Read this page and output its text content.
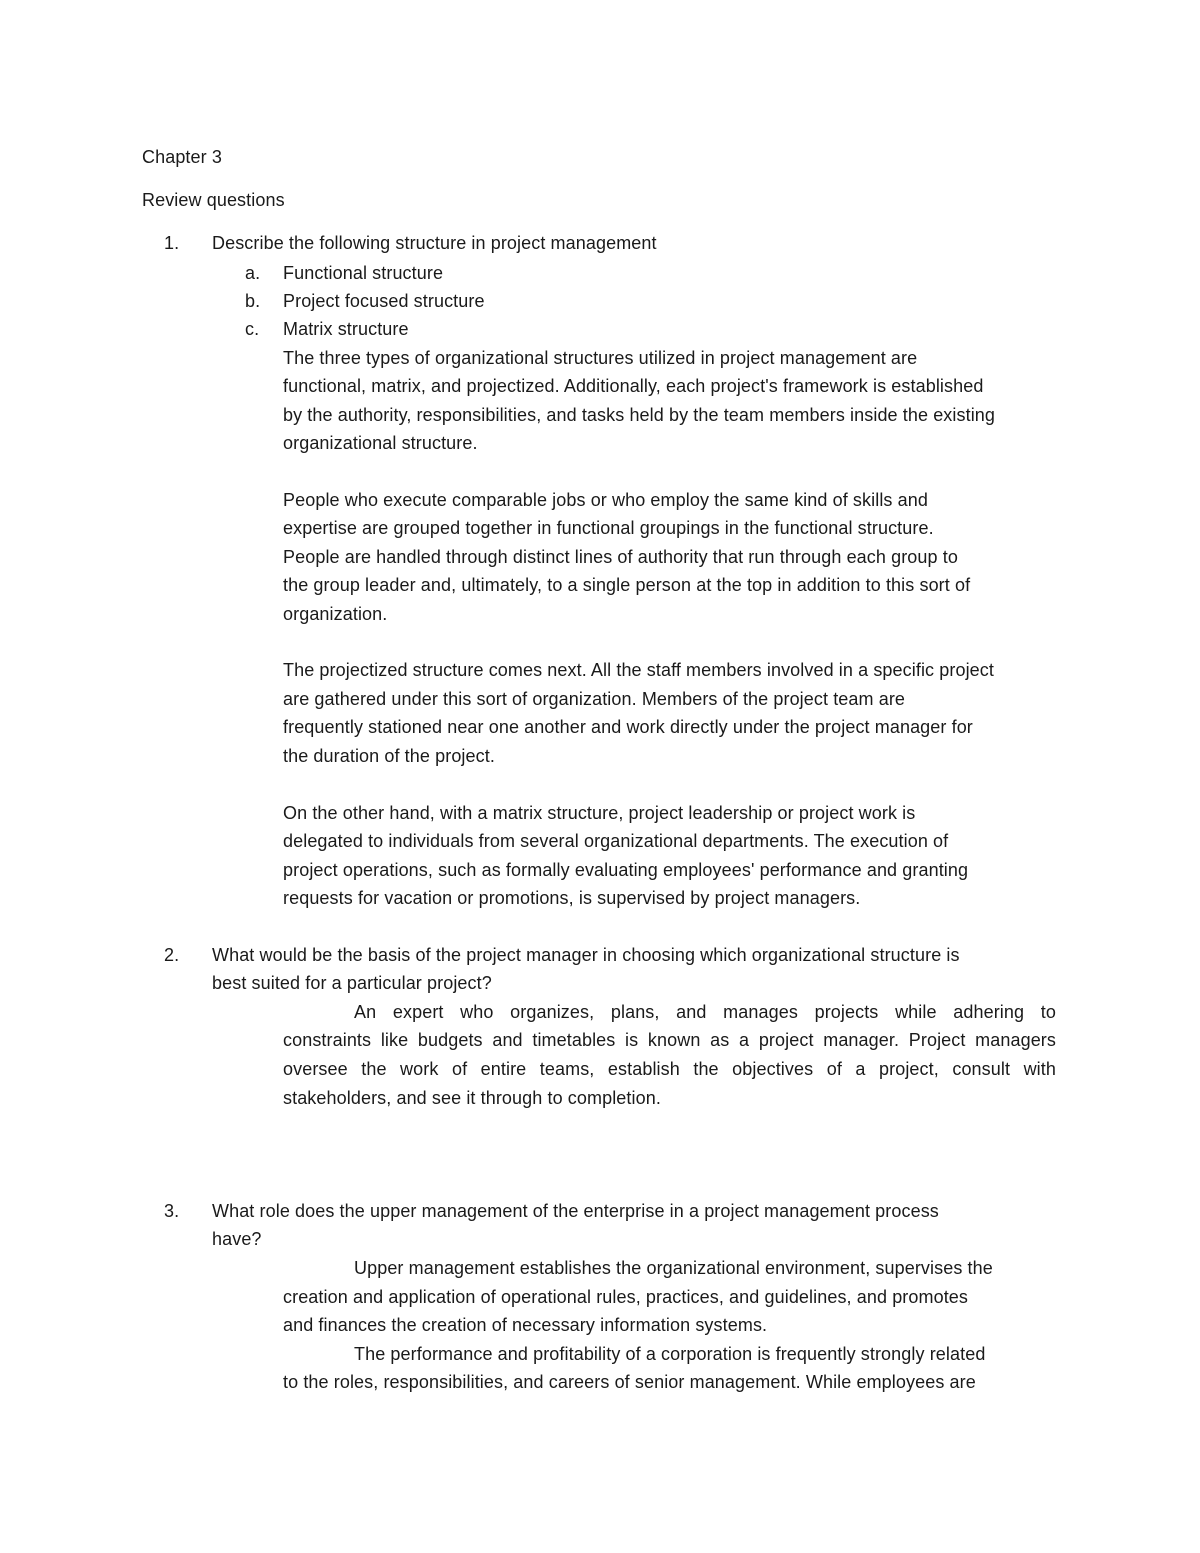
Chapter 3
Review questions
1. Describe the following structure in project management
a. Functional structure
b. Project focused structure
c. Matrix structure
The three types of organizational structures utilized in project management are
functional, matrix, and projectized. Additionally, each project's framework is established
by the authority, responsibilities, and tasks held by the team members inside the existing
organizational structure.
People who execute comparable jobs or who employ the same kind of skills and
expertise are grouped together in functional groupings in the functional structure.
People are handled through distinct lines of authority that run through each group to
the group leader and, ultimately, to a single person at the top in addition to this sort of
organization.
The projectized structure comes next. All the staff members involved in a specific project
are gathered under this sort of organization. Members of the project team are
frequently stationed near one another and work directly under the project manager for
the duration of the project.
On the other hand, with a matrix structure, project leadership or project work is
delegated to individuals from several organizational departments. The execution of
project operations, such as formally evaluating employees' performance and granting
requests for vacation or promotions, is supervised by project managers.
2. What would be the basis of the project manager in choosing which organizational structure is
best suited for a particular project?
An expert who organizes, plans, and manages projects while adhering to
constraints like budgets and timetables is known as a project manager. Project managers
oversee the work of entire teams, establish the objectives of a project, consult with
stakeholders, and see it through to completion.
3. What role does the upper management of the enterprise in a project management process
have?
Upper management establishes the organizational environment, supervises the
creation and application of operational rules, practices, and guidelines, and promotes
and finances the creation of necessary information systems.
The performance and profitability of a corporation is frequently strongly related
to the roles, responsibilities, and careers of senior management. While employees are
